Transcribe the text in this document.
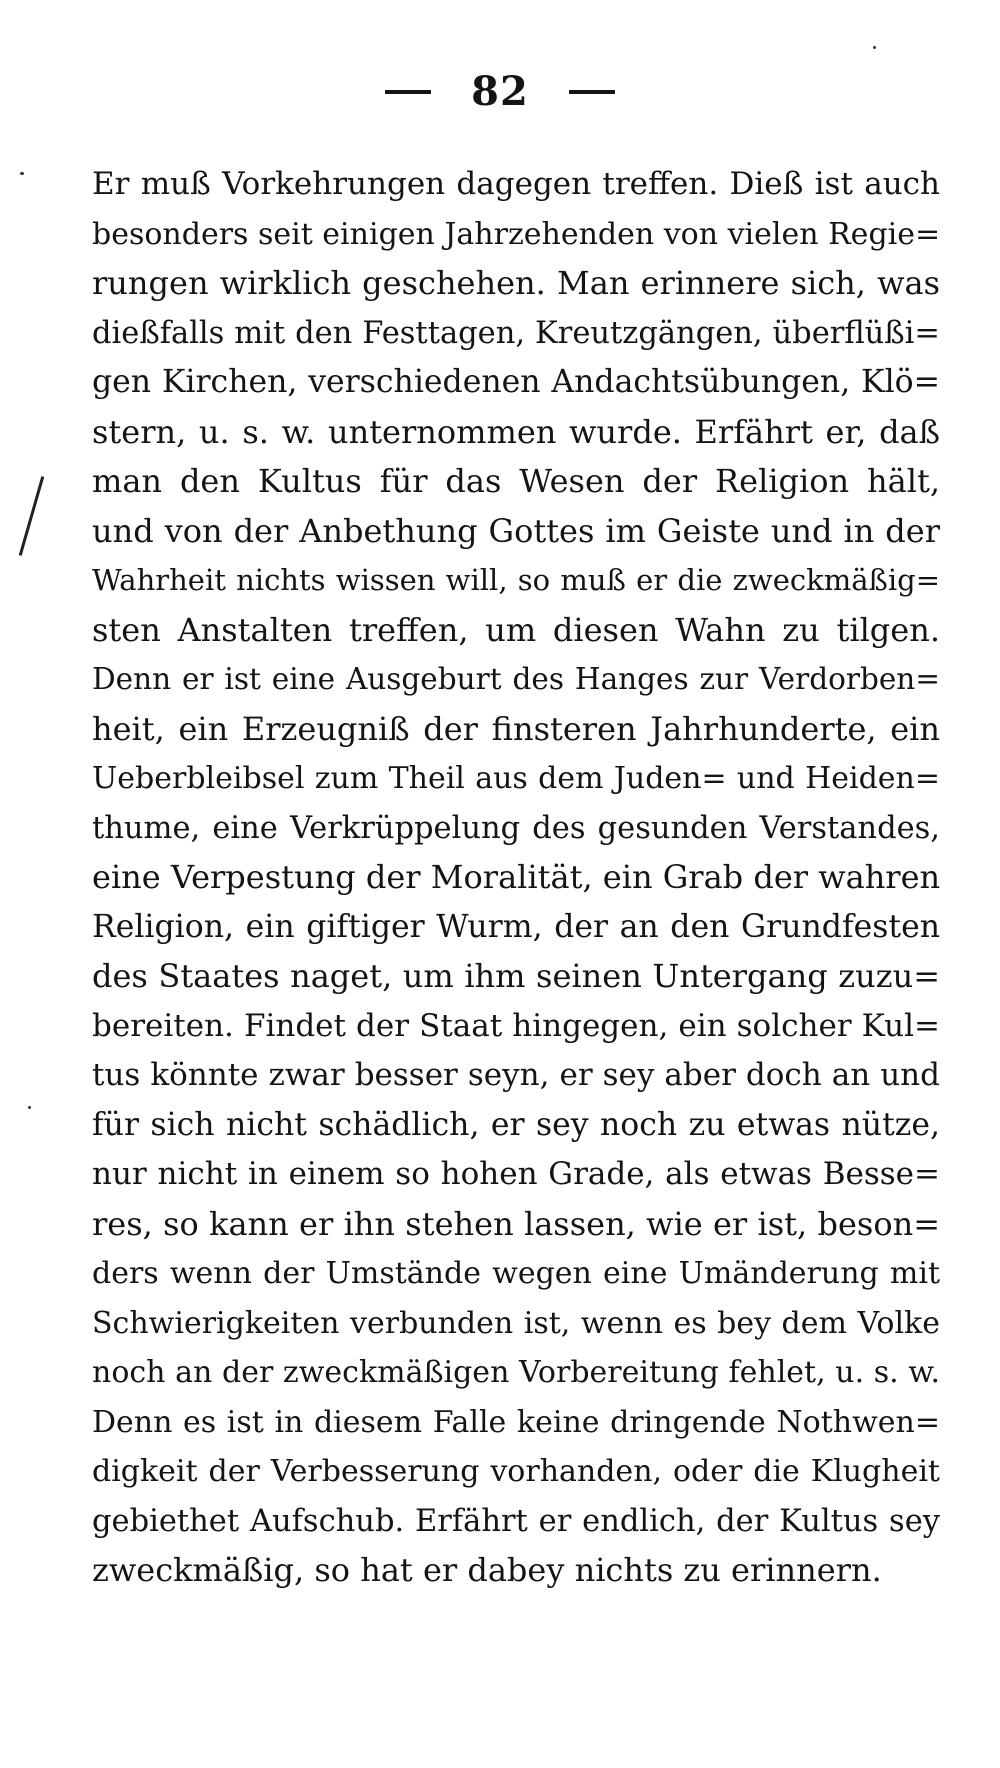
82
Er muß Vorkehrungen dagegen treffen. Dieß ist auch
besonders seit einigen Jahrzehenden von vielen Regie=
rungen wirklich geschehen. Man erinnere sich, was
dießfalls mit den Festtagen, Kreutzgängen, überflüßi=
gen Kirchen, verschiedenen Andachtsübungen, Klö=
stern, u. s. w. unternommen wurde. Erfährt er, daß
man den Kultus für das Wesen der Religion hält,
und von der Anbethung Gottes im Geiste und in der
Wahrheit nichts wissen will, so muß er die zweckmäßig=
sten Anstalten treffen, um diesen Wahn zu tilgen.
Denn er ist eine Ausgeburt des Hanges zur Verdorben=
heit, ein Erzeugniß der finsteren Jahrhunderte, ein
Ueberbleibsel zum Theil aus dem Juden= und Heiden=
thume, eine Verkrüppelung des gesunden Verstandes,
eine Verpestung der Moralität, ein Grab der wahren
Religion, ein giftiger Wurm, der an den Grundfesten
des Staates naget, um ihm seinen Untergang zuzu=
bereiten. Findet der Staat hingegen, ein solcher Kul=
tus könnte zwar besser seyn, er sey aber doch an und
für sich nicht schädlich, er sey noch zu etwas nütze,
nur nicht in einem so hohen Grade, als etwas Besse=
res, so kann er ihn stehen lassen, wie er ist, beson=
ders wenn der Umstände wegen eine Umänderung mit
Schwierigkeiten verbunden ist, wenn es bey dem Volke
noch an der zweckmäßigen Vorbereitung fehlet, u. s. w.
Denn es ist in diesem Falle keine dringende Nothwen=
digkeit der Verbesserung vorhanden, oder die Klugheit
gebiethet Aufschub. Erfährt er endlich, der Kultus sey
zweckmäßig, so hat er dabey nichts zu erinnern.
